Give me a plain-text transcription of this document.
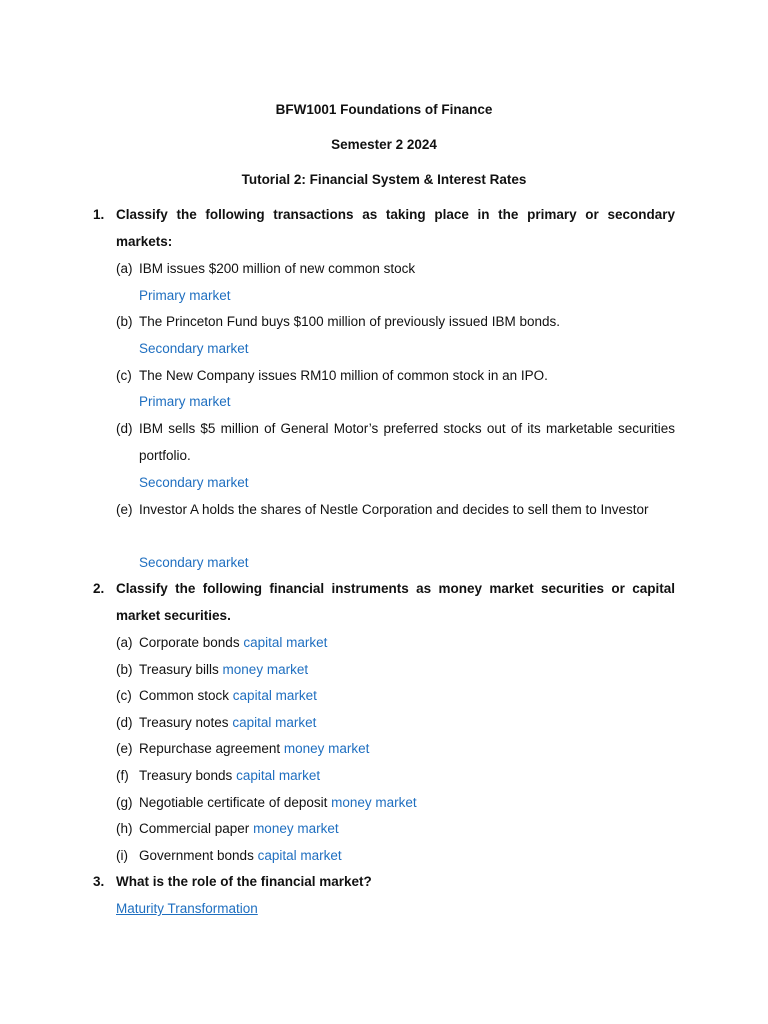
BFW1001 Foundations of Finance
Semester 2 2024
Tutorial 2: Financial System & Interest Rates
1. Classify the following transactions as taking place in the primary or secondary markets:
(a) IBM issues $200 million of new common stock
Primary market
(b) The Princeton Fund buys $100 million of previously issued IBM bonds.
Secondary market
(c) The New Company issues RM10 million of common stock in an IPO.
Primary market
(d) IBM sells $5 million of General Motor’s preferred stocks out of its marketable securities portfolio.
Secondary market
(e) Investor A holds the shares of Nestle Corporation and decides to sell them to Investor
Secondary market
2. Classify the following financial instruments as money market securities or capital market securities.
(a) Corporate bonds capital market
(b) Treasury bills money market
(c) Common stock capital market
(d) Treasury notes capital market
(e) Repurchase agreement money market
(f) Treasury bonds capital market
(g) Negotiable certificate of deposit money market
(h) Commercial paper money market
(i) Government bonds capital market
3. What is the role of the financial market?
Maturity Transformation
